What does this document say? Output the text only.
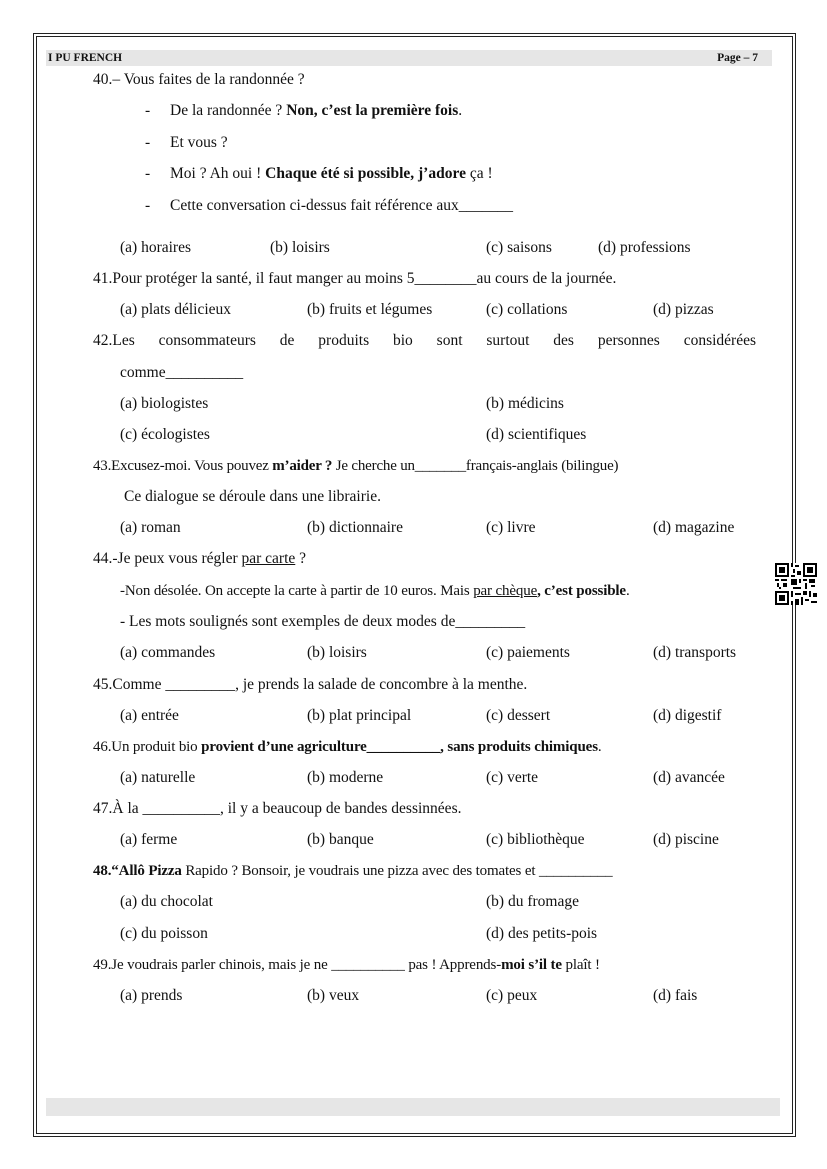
I PU FRENCH	Page – 7
40.– Vous faites de la randonnée ?
- De la randonnée ? Non, c’est la première fois.
- Et vous ?
- Moi ? Ah oui ! Chaque été si possible, j’adore ça !
- Cette conversation ci-dessus fait référence aux_______
(a) horaires	(b) loisirs	(c) saisons	(d) professions
41.Pour protéger la santé, il faut manger au moins 5________au cours de la journée.
(a) plats délicieux	(b) fruits et légumes	(c) collations	(d) pizzas
42.Les consommateurs de produits bio sont surtout des personnes considérées
comme__________
(a) biologistes	(b) médicins
(c) écologistes	(d) scientifiques
43.Excusez-moi. Vous pouvez m’aider ? Je cherche un_______français-anglais (bilingue)
Ce dialogue se déroule dans une librairie.
(a) roman	(b) dictionnaire	(c) livre	(d) magazine
44.-Je peux vous régler par carte ?
-Non désolée. On accepte la carte à partir de 10 euros. Mais par chèque, c’est possible.
- Les mots soulignés sont exemples de deux modes de_________
(a) commandes	(b) loisirs	(c) paiements	(d) transports
45.Comme _________, je prends la salade de concombre à la menthe.
(a) entrée	(b) plat principal	(c) dessert	(d) digestif
46.Un produit bio provient d’une agriculture__________, sans produits chimiques.
(a) naturelle	(b) moderne	(c) verte	(d) avancée
47.À la __________, il y a beaucoup de bandes dessinnées.
(a) ferme	(b) banque	(c) bibliothèque	(d) piscine
48.“Allô Pizza Rapido ? Bonsoir, je voudrais une pizza avec des tomates et __________
(a) du chocolat	(b) du fromage
(c) du poisson	(d) des petits-pois
49.Je voudrais parler chinois, mais je ne __________ pas ! Apprends-moi s’il te plaît !
(a) prends	(b) veux	(c) peux	(d) fais
